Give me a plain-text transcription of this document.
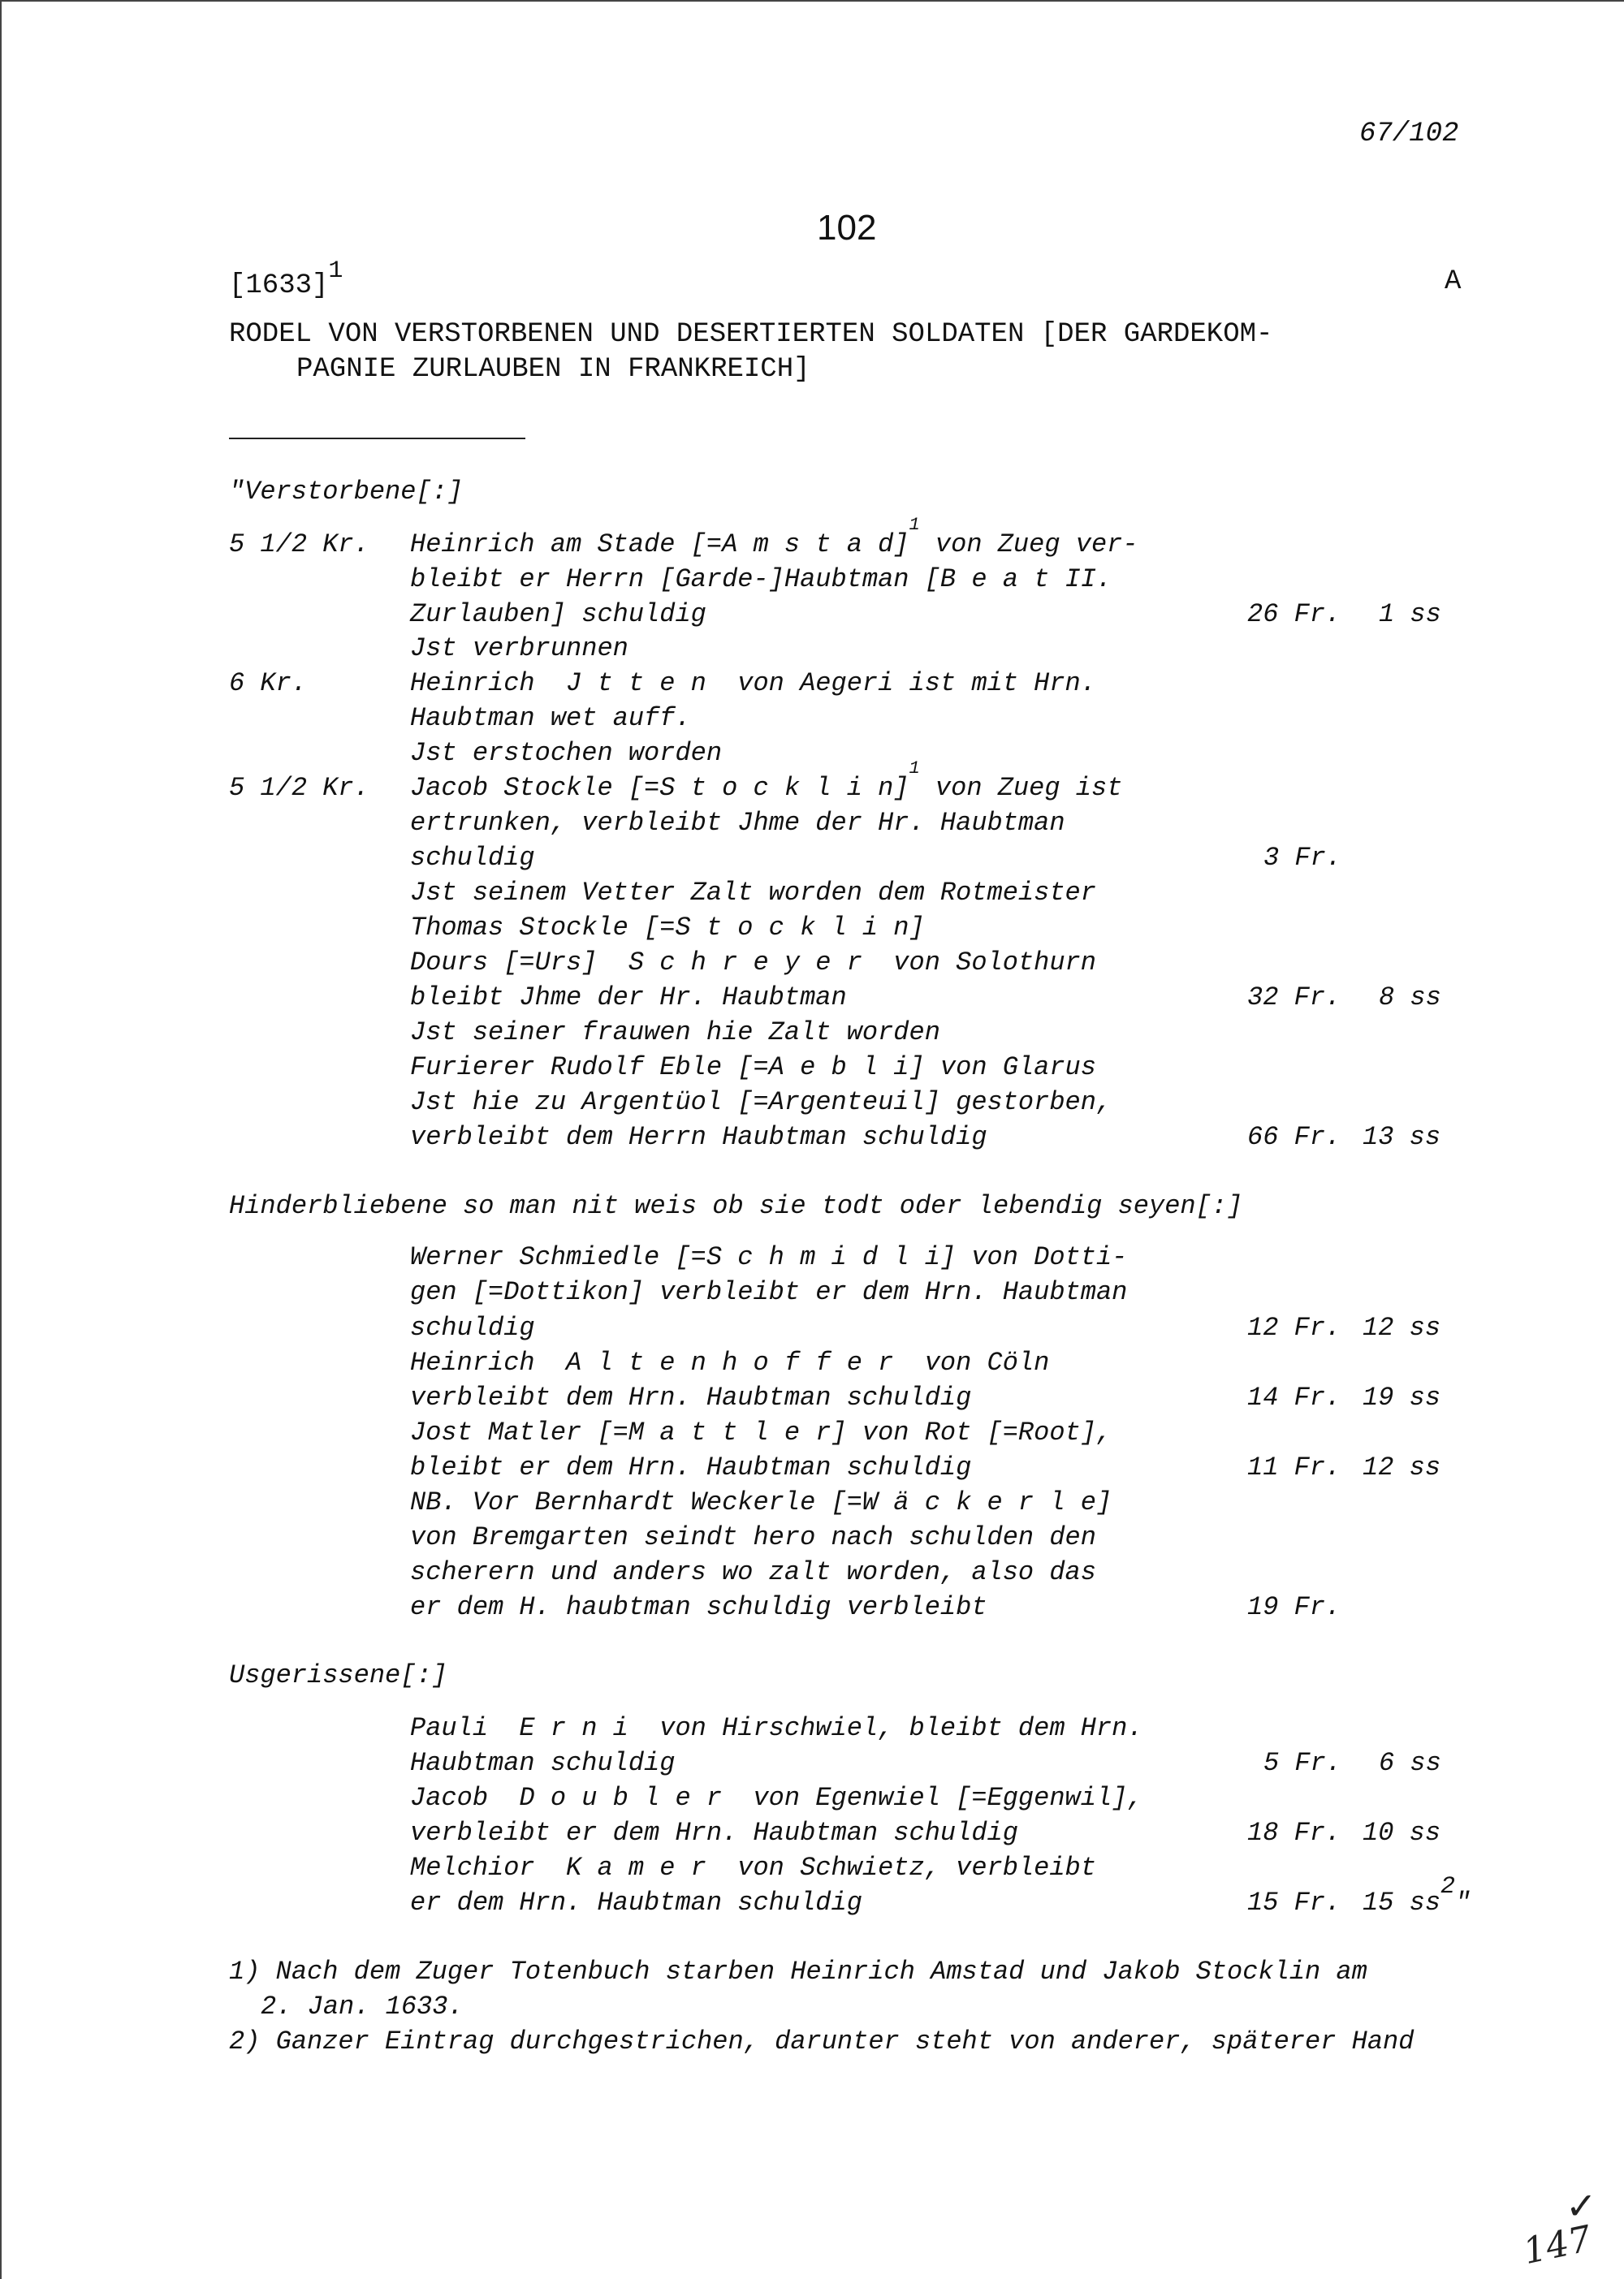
67/102
102
$[1633]^1$	A
RODEL VON VERSTORBENEN UND DESERTIERTEN SOLDATEN [DER GARDEKOM-
PAGNIE ZURLAUBEN IN FRANKREICH]
"Verstorbene[:]
5 1/2 Kr. Heinrich am Stade [=A m s t a d]$^1$ von Zueg ver-
bleibt er Herrn [Garde-]Haubtman [B e a t II.
Zurlauben] schuldig	26 Fr. 1 ss
Jst verbrunnen
6 Kr.	Heinrich  J t t e n  von Aegeri ist mit Hrn.
Haubtman wet auff.
Jst erstochen worden
5 1/2 Kr. Jacob Stockle [=S t o c k l i n]$^1$ von Zueg ist
ertrunken, verbleibt Jhme der Hr. Haubtman
schuldig	3 Fr.
Jst seinem Vetter Zalt worden dem Rotmeister
Thomas Stockle [=S t o c k l i n]
Dours [=Urs]  S c h r e y e r  von Solothurn
bleibt Jhme der Hr. Haubtman	32 Fr. 8 ss
Jst seiner frauwen hie Zalt worden
Furierer Rudolf Eble [=A e b l i] von Glarus
Jst hie zu Argentüol [=Argenteuil] gestorben,
verbleibt dem Herrn Haubtman schuldig	66 Fr. 13 ss
Hinderbliebene so man nit weis ob sie todt oder lebendig seyen[:]
Werner Schmiedle [=S c h m i d l i] von Dotti-
gen [=Dottikon] verbleibt er dem Hrn. Haubtman
schuldig	12 Fr. 12 ss
Heinrich  A l t e n h o f f e r  von Cöln
verbleibt dem Hrn. Haubtman schuldig	14 Fr. 19 ss
Jost Matler [=M a t t l e r] von Rot [=Root],
bleibt er dem Hrn. Haubtman schuldig	11 Fr. 12 ss
NB. Vor Bernhardt Weckerle [=W ä c k e r l e]
von Bremgarten seindt hero nach schulden den
scherern und anders wo zalt worden, also das
er dem H. haubtman schuldig verbleibt	19 Fr.
Usgerissene[:]
Pauli  E r n i  von Hirschwiel, bleibt dem Hrn.
Haubtman schuldig	5 Fr. 6 ss
Jacob  D o u b l e r  von Egenwiel [=Eggenwil],
verbleibt er dem Hrn. Haubtman schuldig	18 Fr. 10 ss
Melchior  K a m e r  von Schwietz, verbleibt
er dem Hrn. Haubtman schuldig	15 Fr. 15 $ss^2$"
1) Nach dem Zuger Totenbuch starben Heinrich Amstad und Jakob Stocklin am
2. Jan. 1633.
2) Ganzer Eintrag durchgestrichen, darunter steht von anderer, späterer Hand
✓
147
